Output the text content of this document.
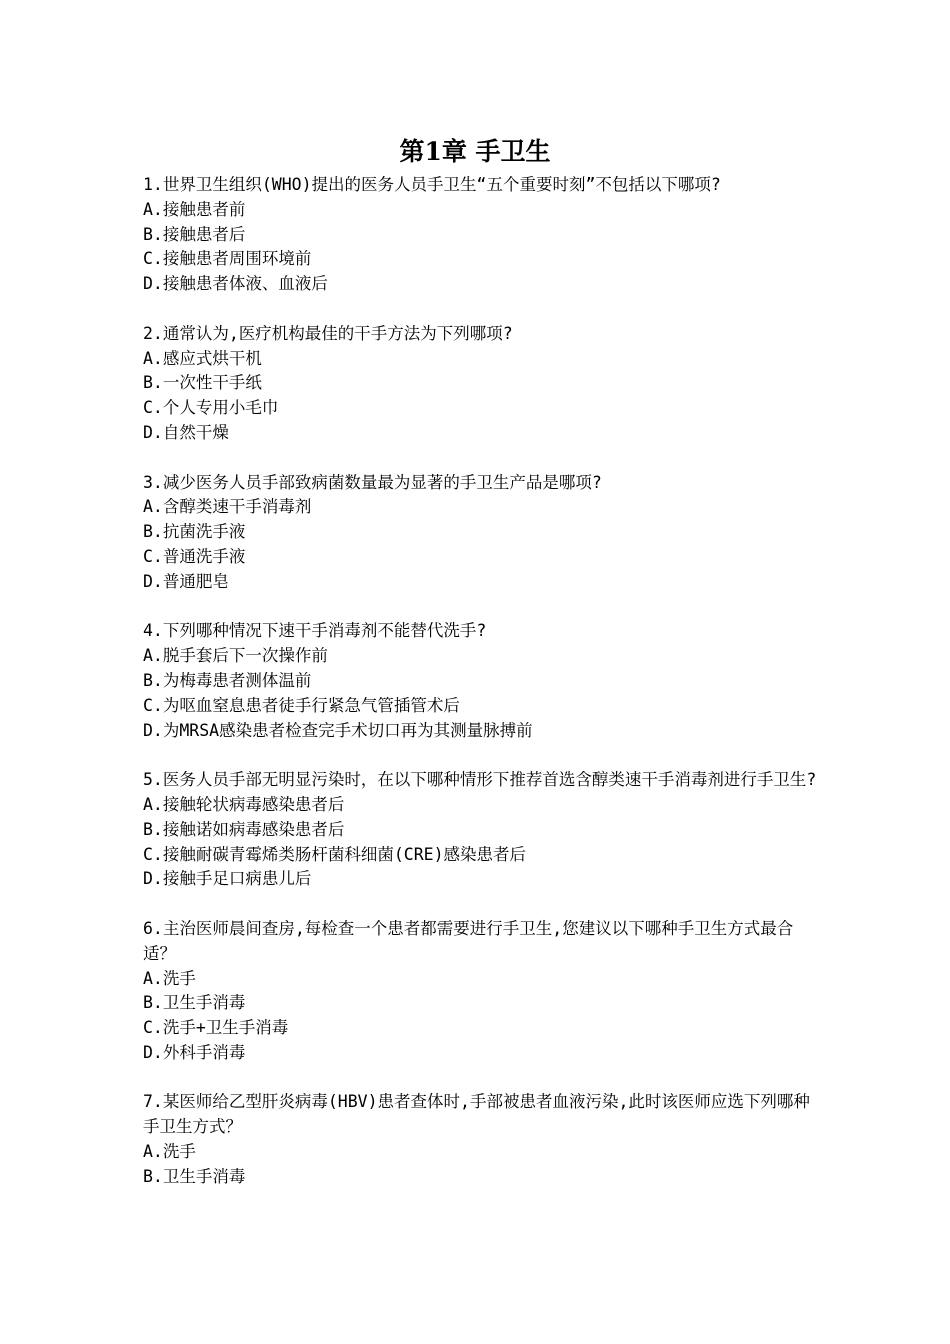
第1章 手卫生

1.世界卫生组织(WHO)提出的医务人员手卫生“五个重要时刻”不包括以下哪项?

A.接触患者前

B.接触患者后

C.接触患者周围环境前

D.接触患者体液、血液后

2.通常认为,医疗机构最佳的干手方法为下列哪项?

A.感应式烘干机

B.一次性干手纸

C.个人专用小毛巾

D.自然干燥

3.减少医务人员手部致病菌数量最为显著的手卫生产品是哪项?

A.含醇类速干手消毒剂

B.抗菌洗手液

C.普通洗手液

D.普通肥皂

4.下列哪种情况下速干手消毒剂不能替代洗手?

A.脱手套后下一次操作前

B.为梅毒患者测体温前

C.为呕血窒息患者徒手行紧急气管插管术后

D.为MRSA感染患者检查完手术切口再为其测量脉搏前

5.医务人员手部无明显污染时，在以下哪种情形下推荐首选含醇类速干手消毒剂进行手卫生?

A.接触轮状病毒感染患者后

B.接触诺如病毒感染患者后

C.接触耐碳青霉烯类肠杆菌科细菌(CRE)感染患者后

D.接触手足口病患儿后

6.主治医师晨间查房,每检查一个患者都需要进行手卫生,您建议以下哪种手卫生方式最合适？

A.洗手

B.卫生手消毒

C.洗手+卫生手消毒

D.外科手消毒

7.某医师给乙型肝炎病毒(HBV)患者查体时,手部被患者血液污染,此时该医师应选下列哪种手卫生方式？

A.洗手

B.卫生手消毒
